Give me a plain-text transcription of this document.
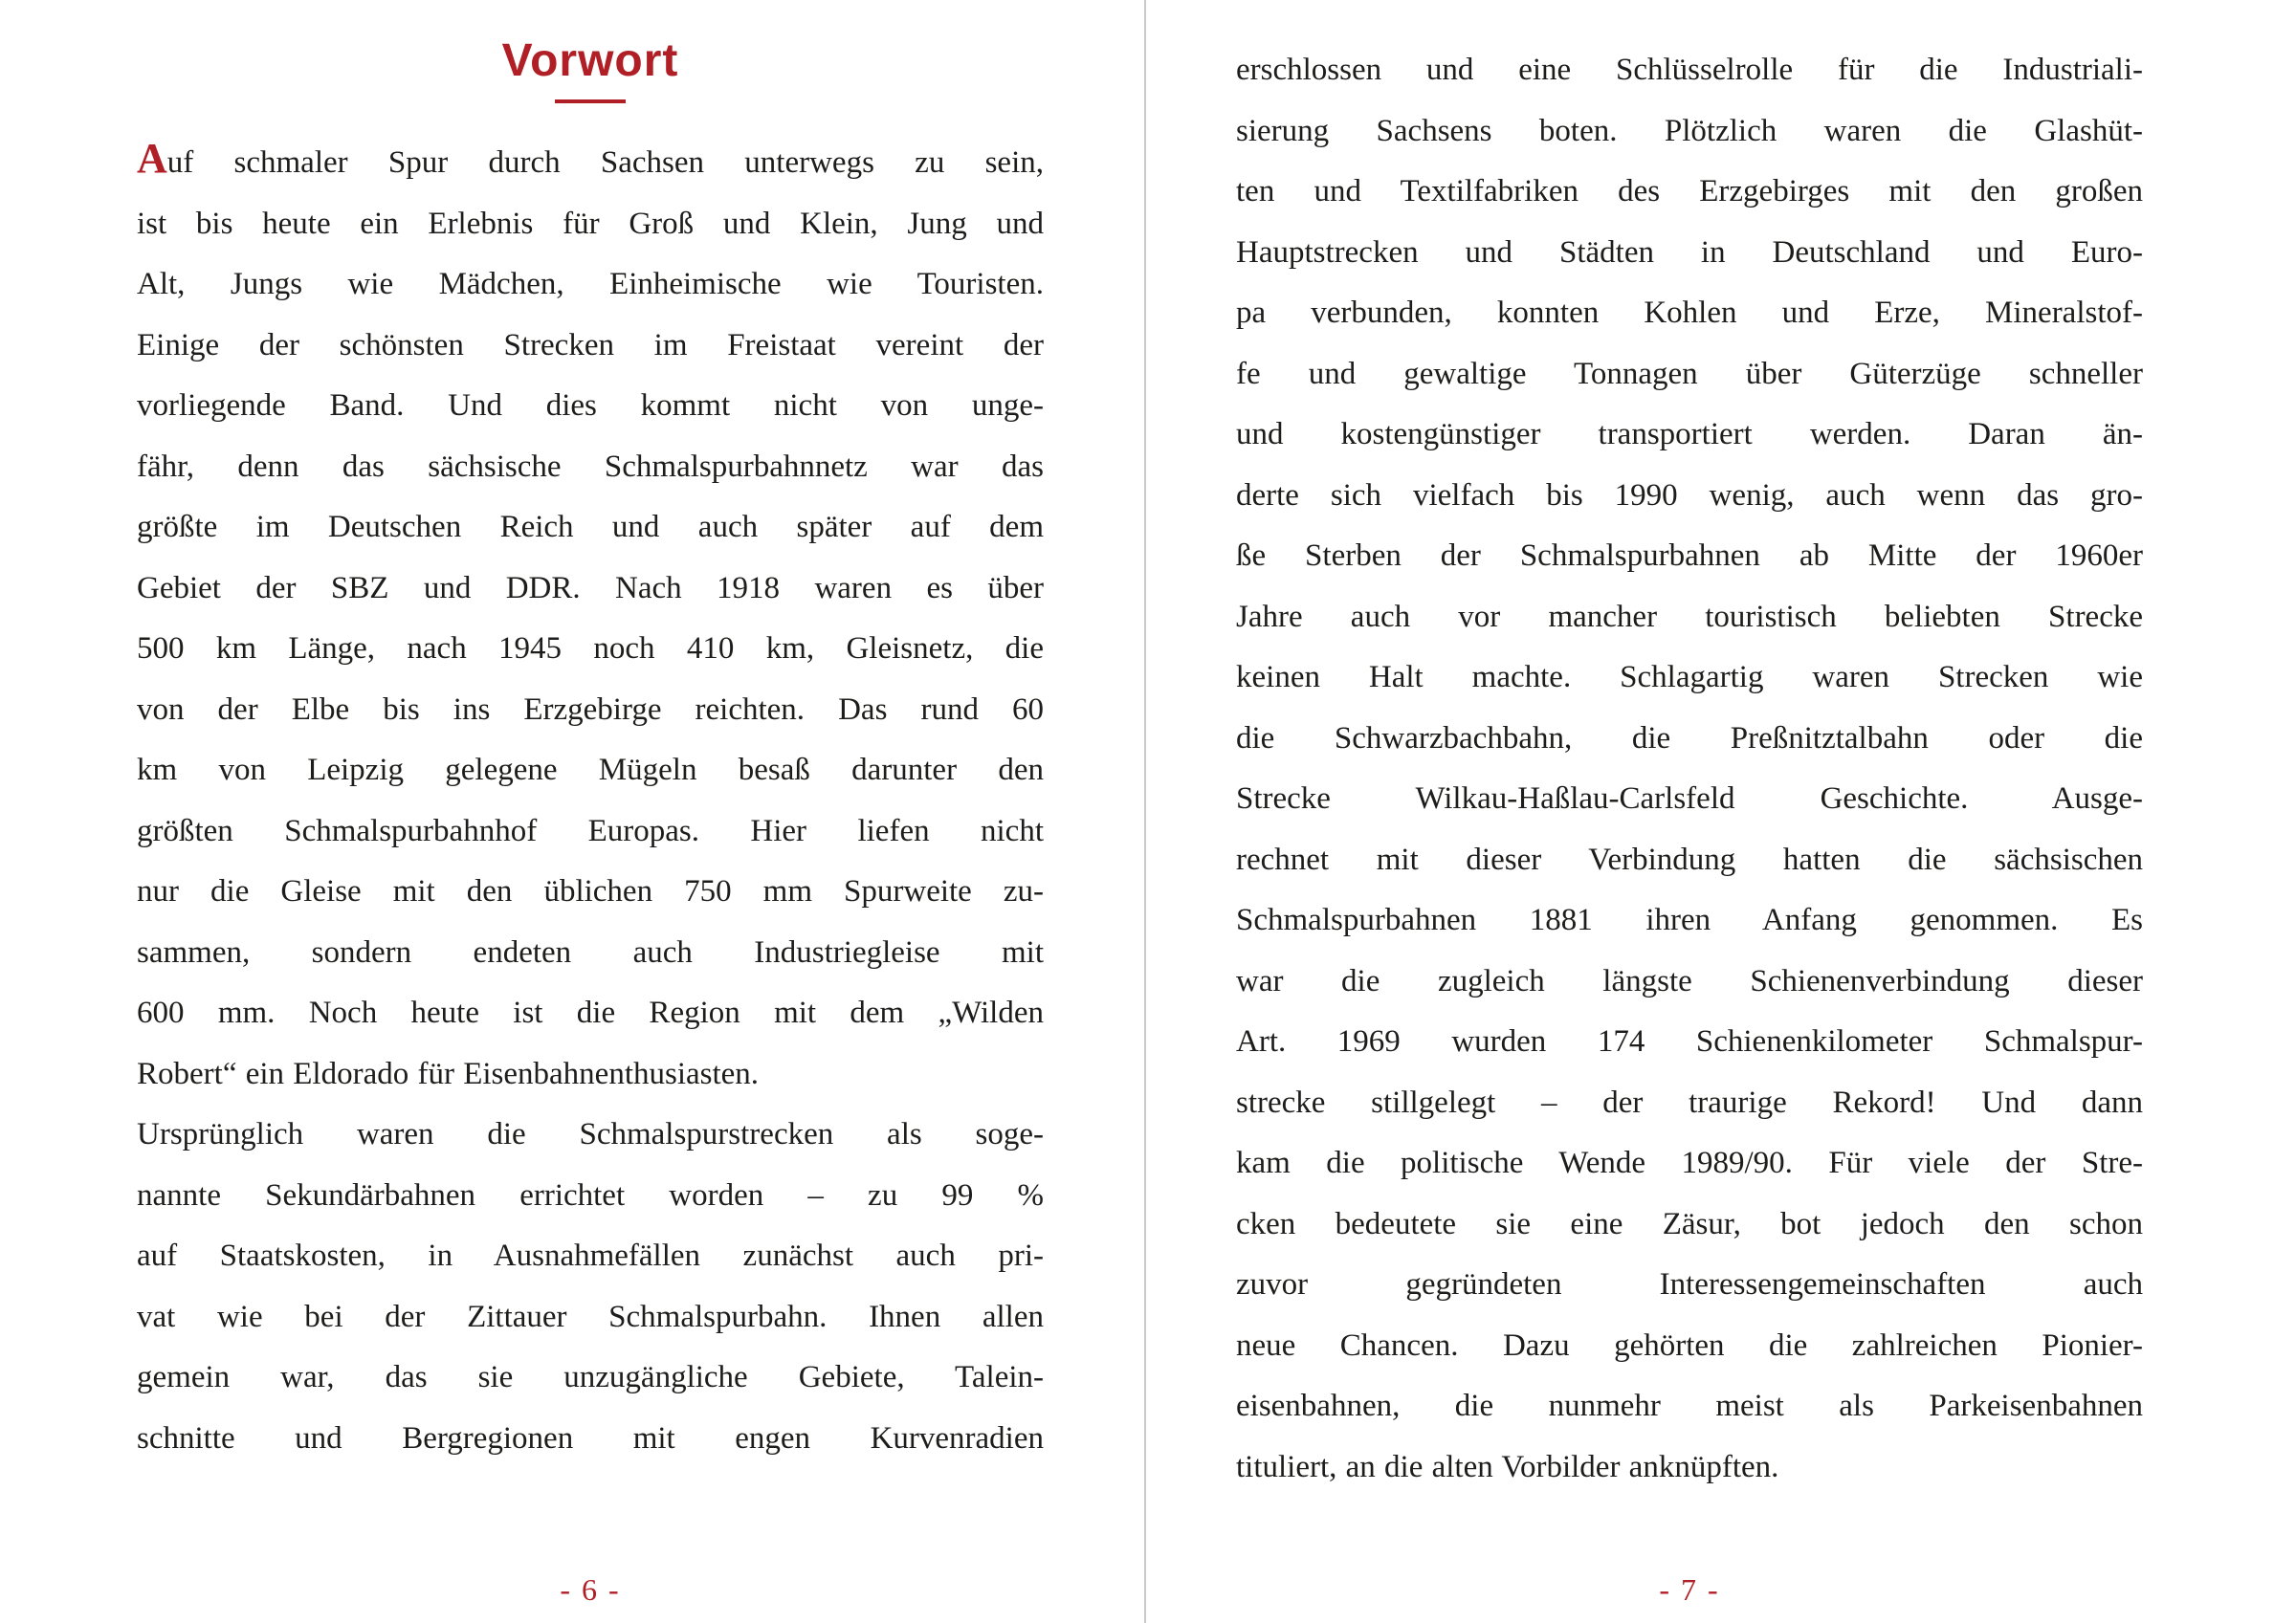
Vorwort
Auf schmaler Spur durch Sachsen unterwegs zu sein,
ist bis heute ein Erlebnis für Groß und Klein, Jung und
Alt, Jungs wie Mädchen, Einheimische wie Touristen.
Einige der schönsten Strecken im Freistaat vereint der
vorliegende Band. Und dies kommt nicht von unge-
fähr, denn das sächsische Schmalspurbahnnetz war das
größte im Deutschen Reich und auch später auf dem
Gebiet der SBZ und DDR. Nach 1918 waren es über
500 km Länge, nach 1945 noch 410 km, Gleisnetz, die
von der Elbe bis ins Erzgebirge reichten. Das rund 60
km von Leipzig gelegene Mügeln besaß darunter den
größten Schmalspurbahnhof Europas. Hier liefen nicht
nur die Gleise mit den üblichen 750 mm Spurweite zu-
sammen, sondern endeten auch Industriegleise mit
600 mm. Noch heute ist die Region mit dem „Wilden
Robert“ ein Eldorado für Eisenbahnenthusiasten.
Ursprünglich waren die Schmalspurstrecken als soge-
nannte Sekundärbahnen errichtet worden – zu 99 %
auf Staatskosten, in Ausnahmefällen zunächst auch pri-
vat wie bei der Zittauer Schmalspurbahn. Ihnen allen
gemein war, das sie unzugängliche Gebiete, Talein-
schnitte und Bergregionen mit engen Kurvenradien
- 6 -
erschlossen und eine Schlüsselrolle für die Industriali-
sierung Sachsens boten. Plötzlich waren die Glashüt-
ten und Textilfabriken des Erzgebirges mit den großen
Hauptstrecken und Städten in Deutschland und Euro-
pa verbunden, konnten Kohlen und Erze, Mineralstof-
fe und gewaltige Tonnagen über Güterzüge schneller
und kostengünstiger transportiert werden. Daran än-
derte sich vielfach bis 1990 wenig, auch wenn das gro-
ße Sterben der Schmalspurbahnen ab Mitte der 1960er
Jahre auch vor mancher touristisch beliebten Strecke
keinen Halt machte. Schlagartig waren Strecken wie
die Schwarzbachbahn, die Preßnitztalbahn oder die
Strecke Wilkau-Haßlau-Carlsfeld Geschichte. Ausge-
rechnet mit dieser Verbindung hatten die sächsischen
Schmalspurbahnen 1881 ihren Anfang genommen. Es
war die zugleich längste Schienenverbindung dieser
Art. 1969 wurden 174 Schienenkilometer Schmalspur-
strecke stillgelegt – der traurige Rekord! Und dann
kam die politische Wende 1989/90. Für viele der Stre-
cken bedeutete sie eine Zäsur, bot jedoch den schon
zuvor gegründeten Interessengemeinschaften auch
neue Chancen. Dazu gehörten die zahlreichen Pionier-
eisenbahnen, die nunmehr meist als Parkeisenbahnen
tituliert, an die alten Vorbilder anknüpften.
- 7 -
